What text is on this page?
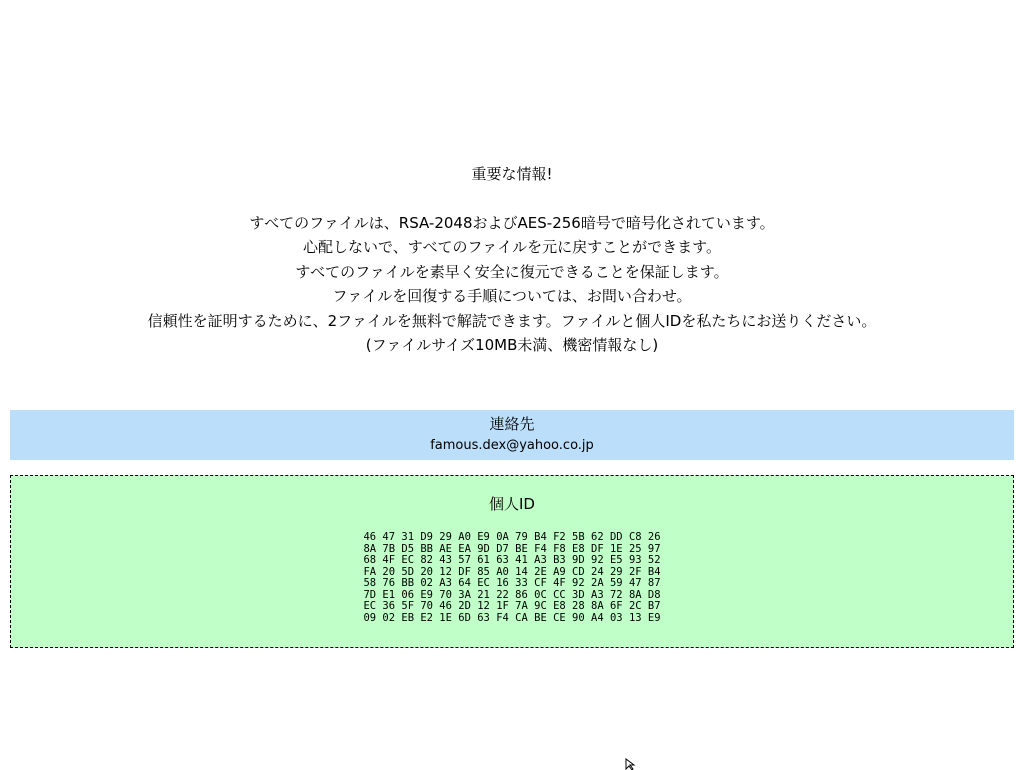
重要な情報!
すべてのファイルは、RSA-2048およびAES-256暗号で暗号化されています。
心配しないで、すべてのファイルを元に戻すことができます。
すべてのファイルを素早く安全に復元できることを保証します。
ファイルを回復する手順については、お問い合わせ。
信頼性を証明するために、2ファイルを無料で解読できます。ファイルと個人IDを私たちにお送りください。
(ファイルサイズ10MB未満、機密情報なし)
連絡先
famous.dex@yahoo.co.jp
個人ID
46 47 31 D9 29 A0 E9 0A 79 B4 F2 5B 62 DD C8 26
8A 7B D5 BB AE EA 9D D7 BE F4 F8 E8 DF 1E 25 97
68 4F EC 82 43 57 61 63 41 A3 B3 9D 92 E5 93 52
FA 20 5D 20 12 DF 85 A0 14 2E A9 CD 24 29 2F B4
58 76 BB 02 A3 64 EC 16 33 CF 4F 92 2A 59 47 87
7D E1 06 E9 70 3A 21 22 86 0C CC 3D A3 72 8A D8
EC 36 5F 70 46 2D 12 1F 7A 9C E8 28 8A 6F 2C B7
09 02 EB E2 1E 6D 63 F4 CA BE CE 90 A4 03 13 E9
